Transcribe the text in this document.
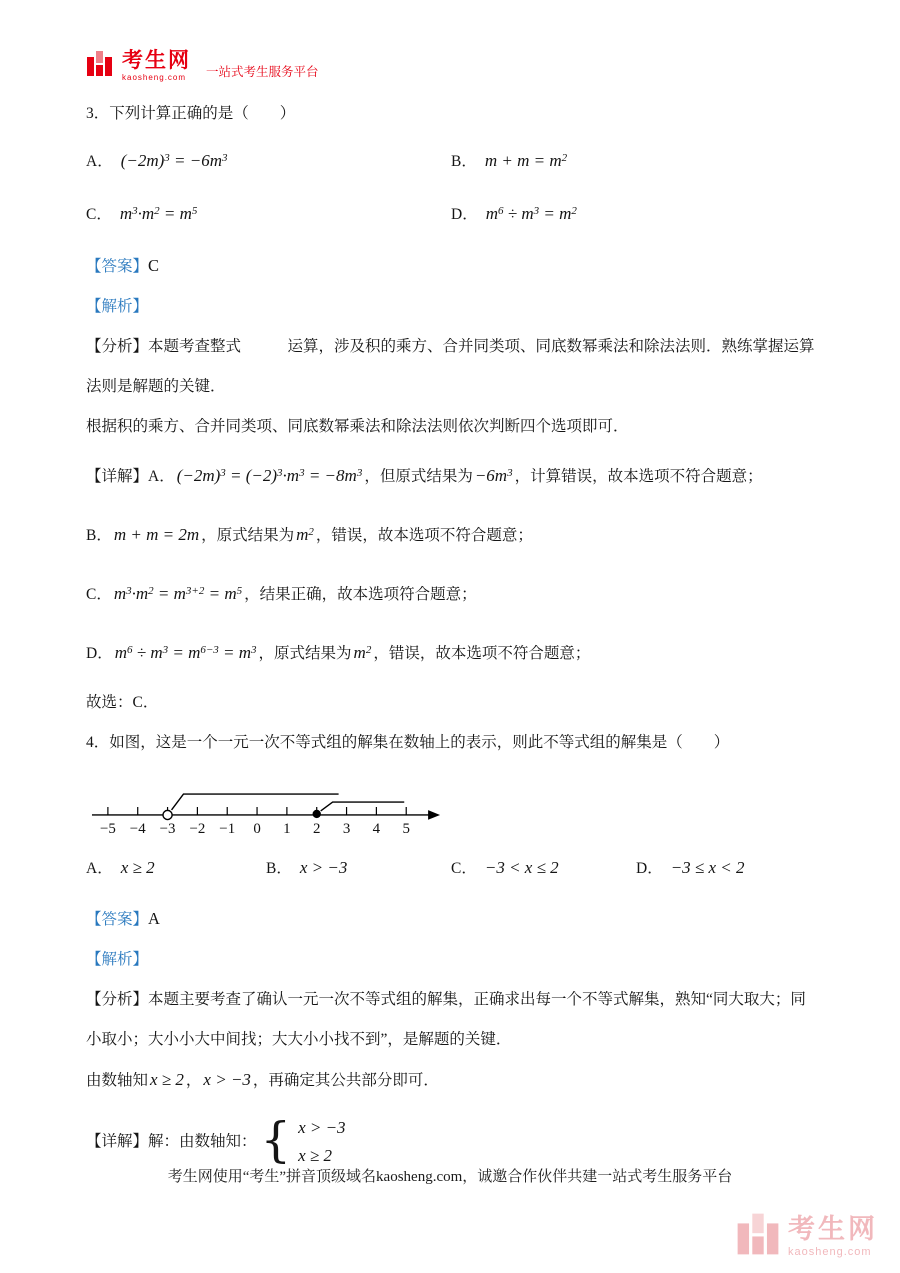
考生网
kaosheng.com	一站式考生服务平台

3．下列计算正确的是（　　）

A． $(-2m)^3 = -6m^3$	B． $m + m = m^2$
C． $m^3\cdot m^2 = m^5$	D． $m^6 \div m^3 = m^2$

【答案】C

【解析】

【分析】本题考查整式　　　运算，涉及积的乘方、合并同类项、同底数幂乘法和除法法则．熟练掌握运算法则是解题的关键．

根据积的乘方、合并同类项、同底数幂乘法和除法法则依次判断四个选项即可．

【详解】A． $(-2m)^3 = (-2)^3\cdot m^3 = -8m^3$ ，但原式结果为 $-6m^3$ ，计算错误，故本选项不符合题意；
B． m + m = 2m ，原式结果为 $m^2$ ，错误，故本选项不符合题意；
C． $m^3\cdot m^2 = m^{3+2} = m^5$ ，结果正确，故本选项符合题意；
D． $m^6 \div m^3 = m^{6-3} = m^3$ ，原式结果为 $m^2$ ，错误，故本选项不符合题意；

故选：C．

4．如图，这是一个一元一次不等式组的解集在数轴上的表示，则此不等式组的解集是（　　）

−5 −4 −3 −2 −1 0 1 2 3 4 5
A． x ≥ 2	B． x > −3	C． −3 < x ≤ 2	D． −3 ≤ x < 2

【答案】A

【解析】

【分析】本题主要考查了确认一元一次不等式组的解集，正确求出每一个不等式解集，熟知“同大取大；同小取小；大小小大中间找；大大小小找不到”，是解题的关键．

由数轴知 x ≥ 2 ， x > −3 ，再确定其公共部分即可．

【详解】解：由数轴知： { x > −3
x ≥ 2

考生网使用“考生”拼音顶级域名kaosheng.com，诚邀合作伙伴共建一站式考生服务平台

考生网
kaosheng.com
